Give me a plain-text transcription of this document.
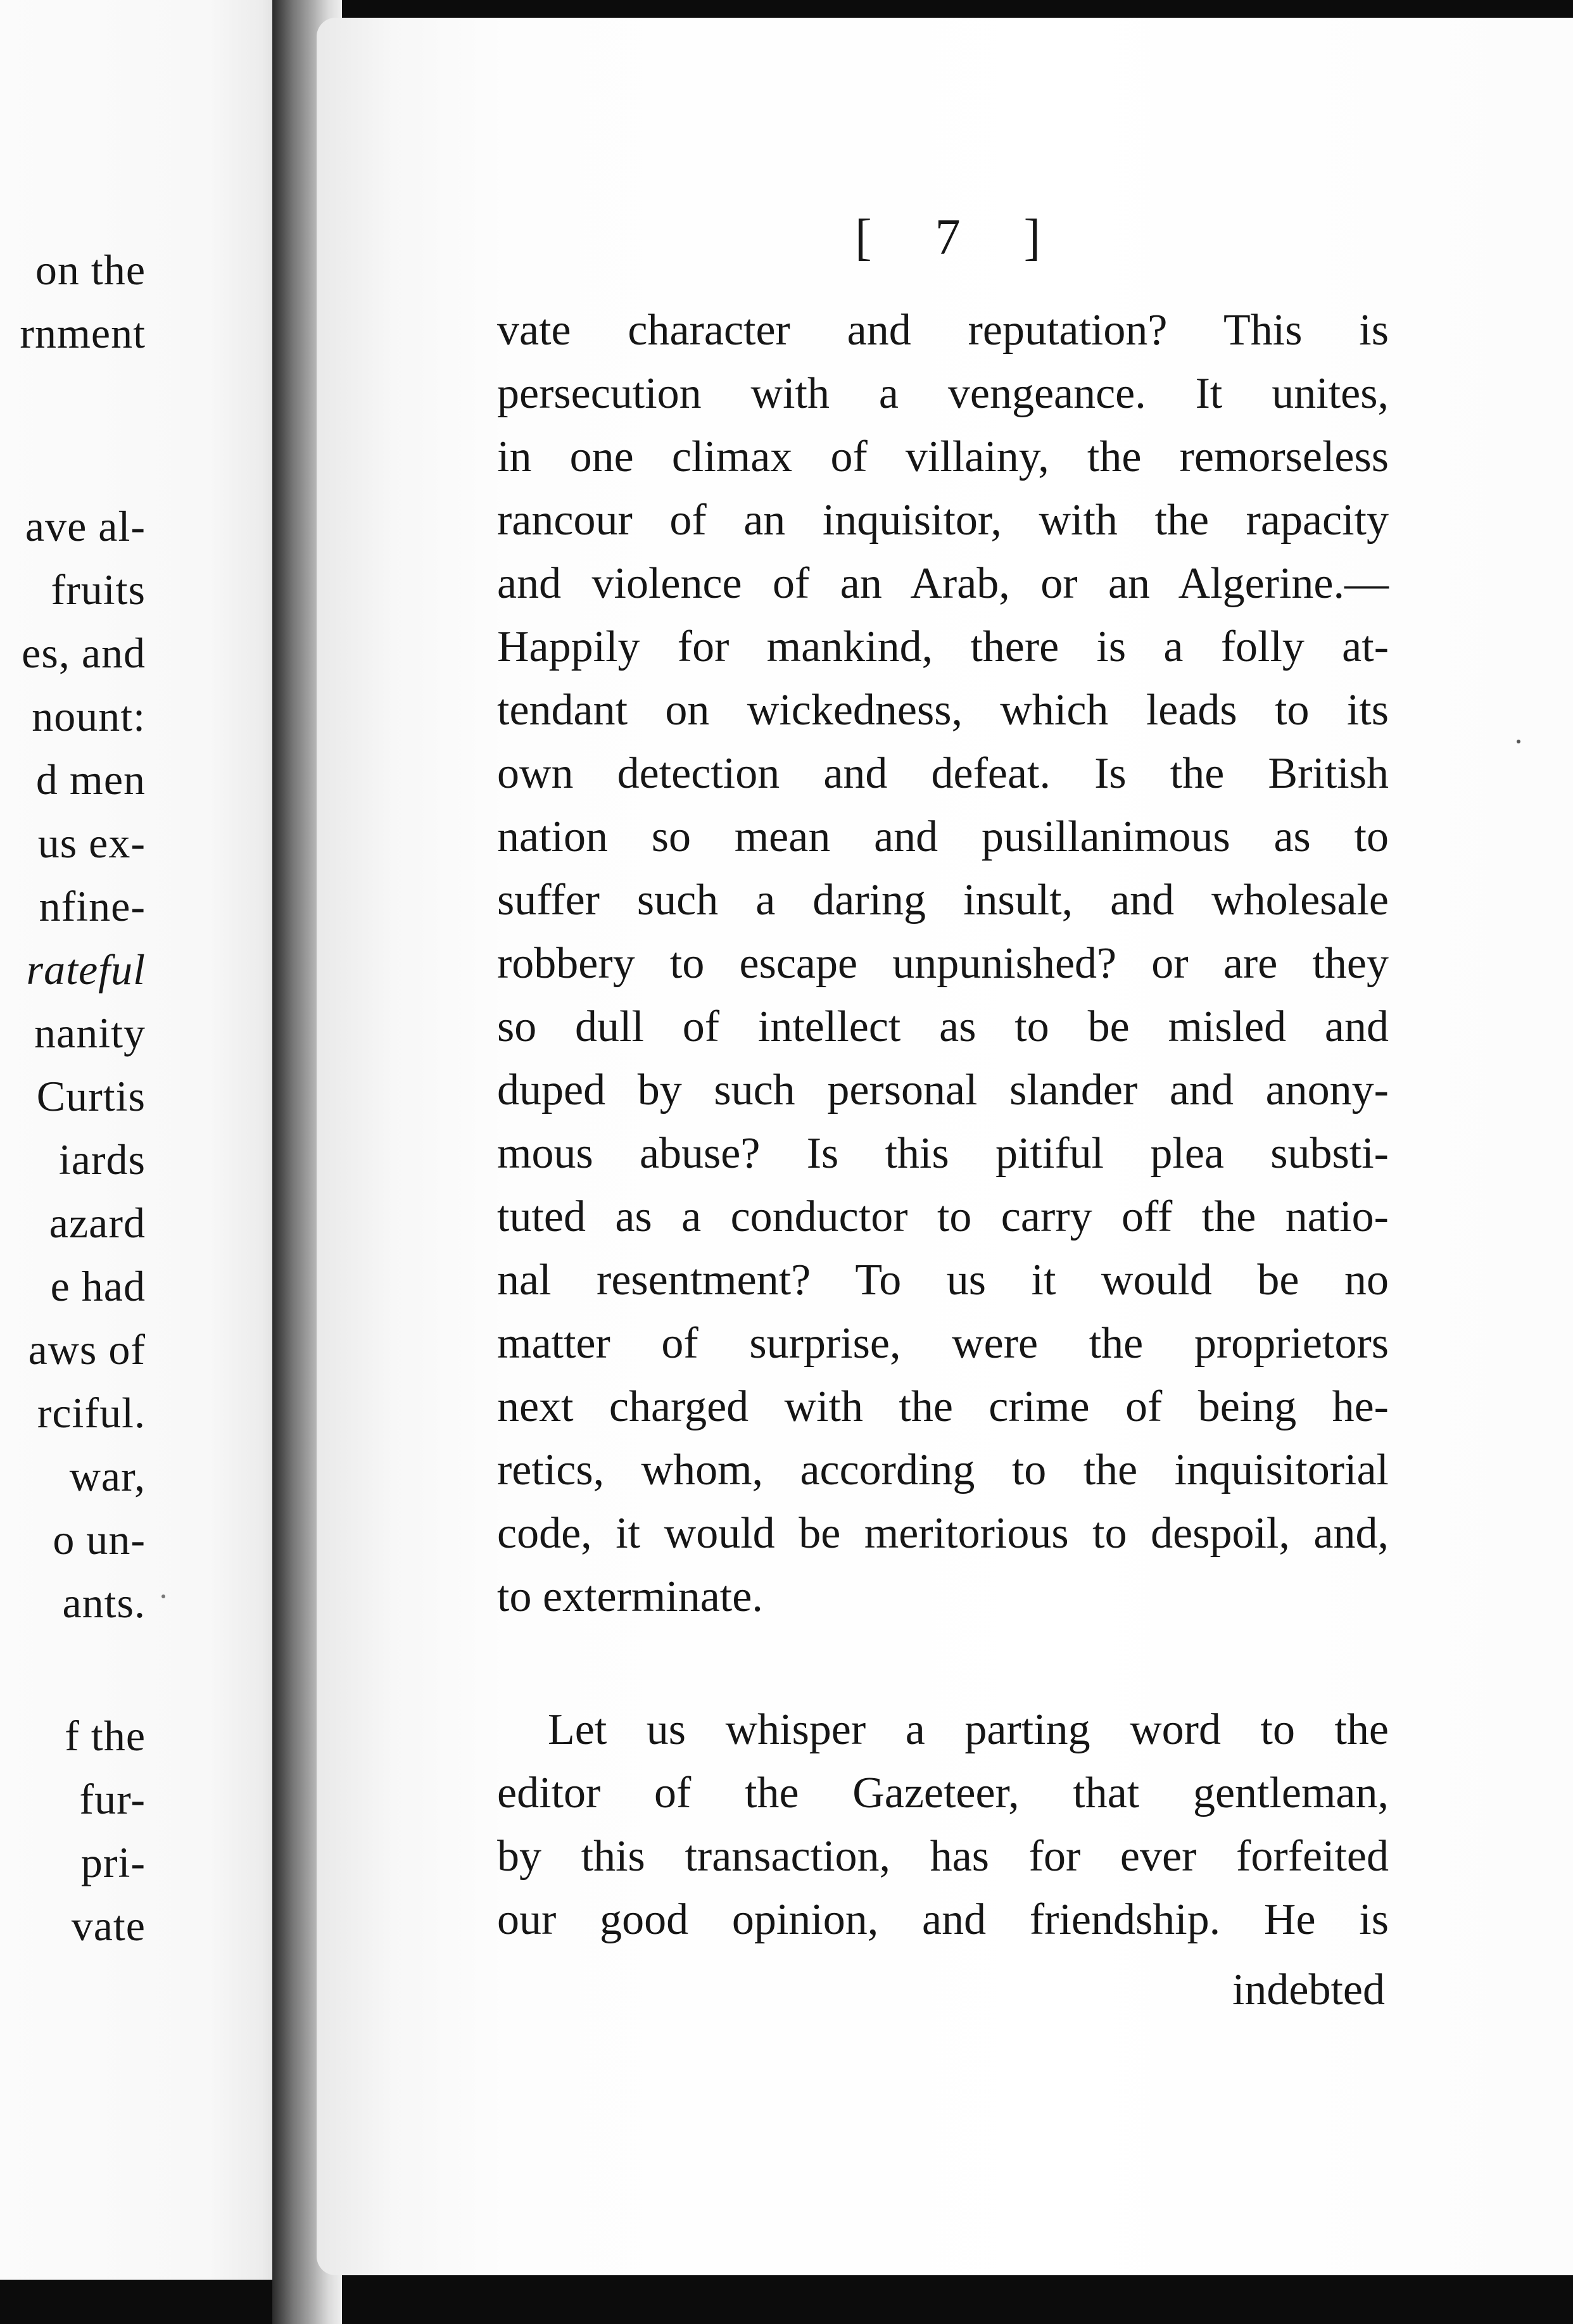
on the
rnment
ave al-
fruits
es, and
nount:
d men
us ex-
nfine-
rateful
nanity
Curtis
iards
azard
e had
aws of
rciful.
war,
o un-
ants.
f the
fur-
pri-
vate
[ 7 ]
vate character and reputation? This is
persecution with a vengeance. It unites,
in one climax of villainy, the remorseless
rancour of an inquisitor, with the rapacity
and violence of an Arab, or an Algerine.—
Happily for mankind, there is a folly at-
tendant on wickedness, which leads to its
own detection and defeat. Is the British
nation so mean and pusillanimous as to
suffer such a daring insult, and wholesale
robbery to escape unpunished? or are they
so dull of intellect as to be misled and
duped by such personal slander and anony-
mous abuse? Is this pitiful plea substi-
tuted as a conductor to carry off the natio-
nal resentment? To us it would be no
matter of surprise, were the proprietors
next charged with the crime of being he-
retics, whom, according to the inquisitorial
code, it would be meritorious to despoil, and,
to exterminate.
Let us whisper a parting word to the
editor of the Gazeteer, that gentleman,
by this transaction, has for ever forfeited
our good opinion, and friendship. He is
indebted
